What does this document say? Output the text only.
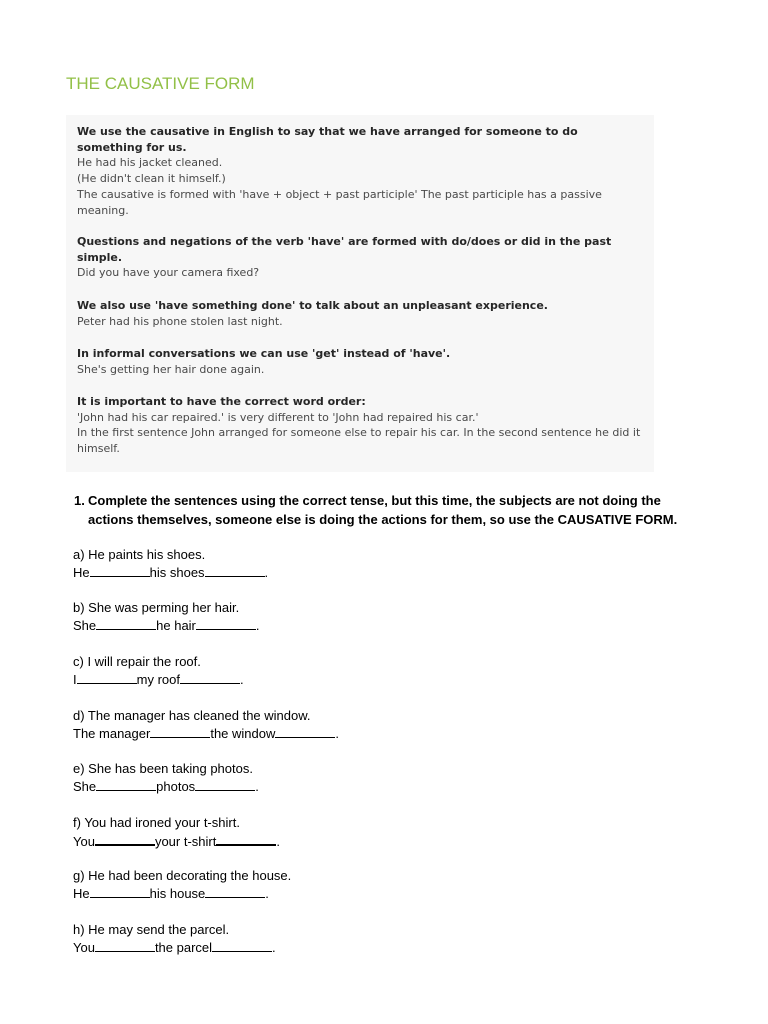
THE CAUSATIVE FORM

We use the causative in English to say that we have arranged for someone to do something for us.
He had his jacket cleaned.
(He didn't clean it himself.)
The causative is formed with 'have + object + past participle' The past participle has a passive meaning.

Questions and negations of the verb 'have' are formed with do/does or did in the past simple.
Did you have your camera fixed?

We also use 'have something done' to talk about an unpleasant experience.
Peter had his phone stolen last night.

In informal conversations we can use 'get' instead of 'have'.
She's getting her hair done again.

It is important to have the correct word order:
'John had his car repaired.' is very different to 'John had repaired his car.'
In the first sentence John arranged for someone else to repair his car. In the second sentence he did it himself.

1. Complete the sentences using the correct tense, but this time, the subjects are not doing the
actions themselves, someone else is doing the actions for them, so use the CAUSATIVE FORM.
a) He paints his shoes.
He	his shoes	.
b) She was perming her hair.
She	he hair	.
c) I will repair the roof.
I	my roof	.
d) The manager has cleaned the window.
The manager	the window	.
e) She has been taking photos.
She	photos	.
f) You had ironed your t-shirt.
You	your t-shirt	.
g) He had been decorating the house.
He	his house	.
h) He may send the parcel.
You	the parcel	.
